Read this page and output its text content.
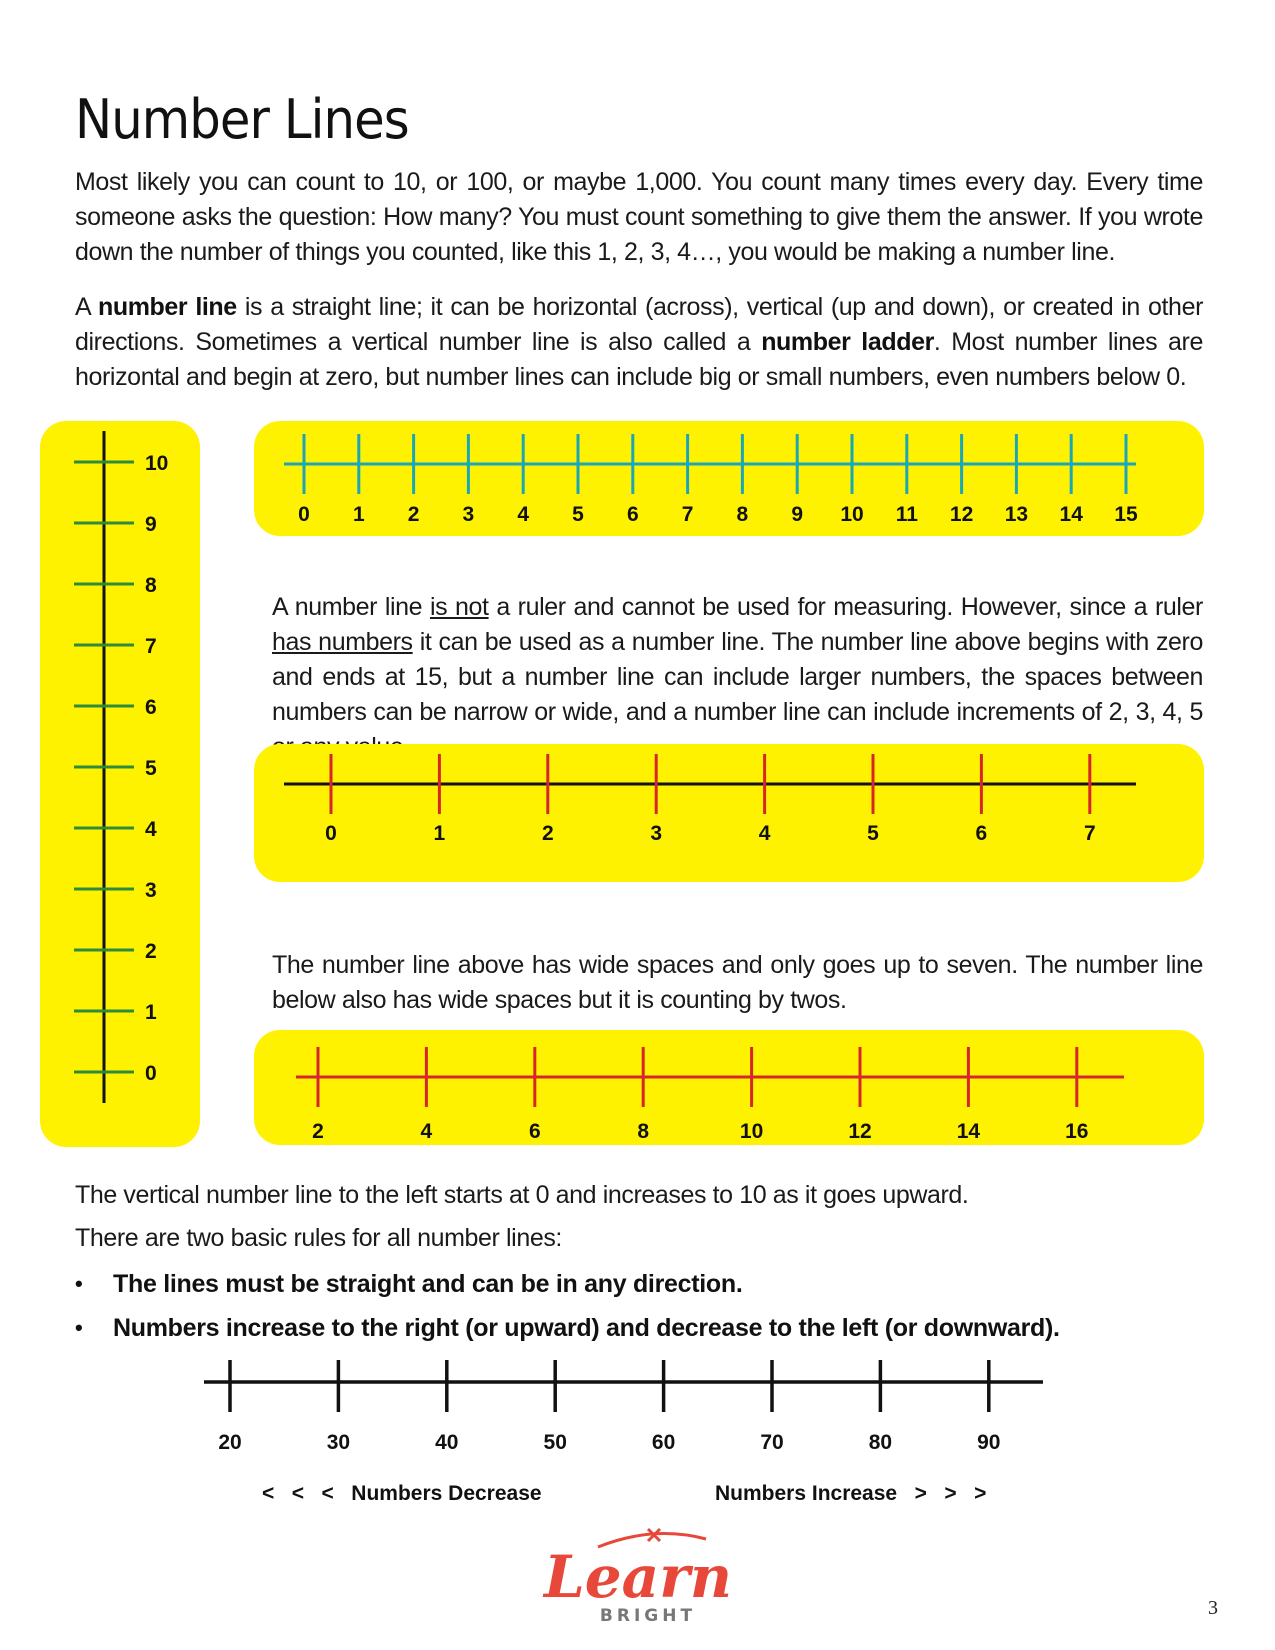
Number Lines

Most likely you can count to 10, or 100, or maybe 1,000. You count many times every day. Every time someone asks the question: How many? You must count something to give them the answer. If you wrote down the number of things you counted, like this 1, 2, 3, 4…, you would be making a number line.

A number line is a straight line; it can be horizontal (across), vertical (up and down), or created in other directions. Sometimes a vertical number line is also called a number ladder. Most number lines are horizontal and begin at zero, but number lines can include big or small numbers, even numbers below 0.

0
1
2
3
4
5
6
7
8
9
10
0 1 2 3 4 5 6 7 8 9 10 11 12 13 14 15

A number line is not a ruler and cannot be used for measuring. However, since a ruler has numbers it can be used as a number line. The number line above begins with zero and ends at 15, but a number line can include larger numbers, the spaces between numbers can be narrow or wide, and a number line can include increments of 2, 3, 4, 5

0	1	2	3	4	5	6	7

The number line above has wide spaces and only goes up to seven. The number line below also has wide spaces but it is counting by twos.

2	4	6	8	10	12	14	16

The vertical number line to the left starts at 0 and increases to 10 as it goes upward.

There are two basic rules for all number lines:

• The lines must be straight and can be in any direction.
• Numbers increase to the right (or upward) and decrease to the left (or downward).
20	30	40	50	60	70	80	90
<   <   <   Numbers Decrease	Numbers Increase   >   >   >
Learn
BRIGHT	3
